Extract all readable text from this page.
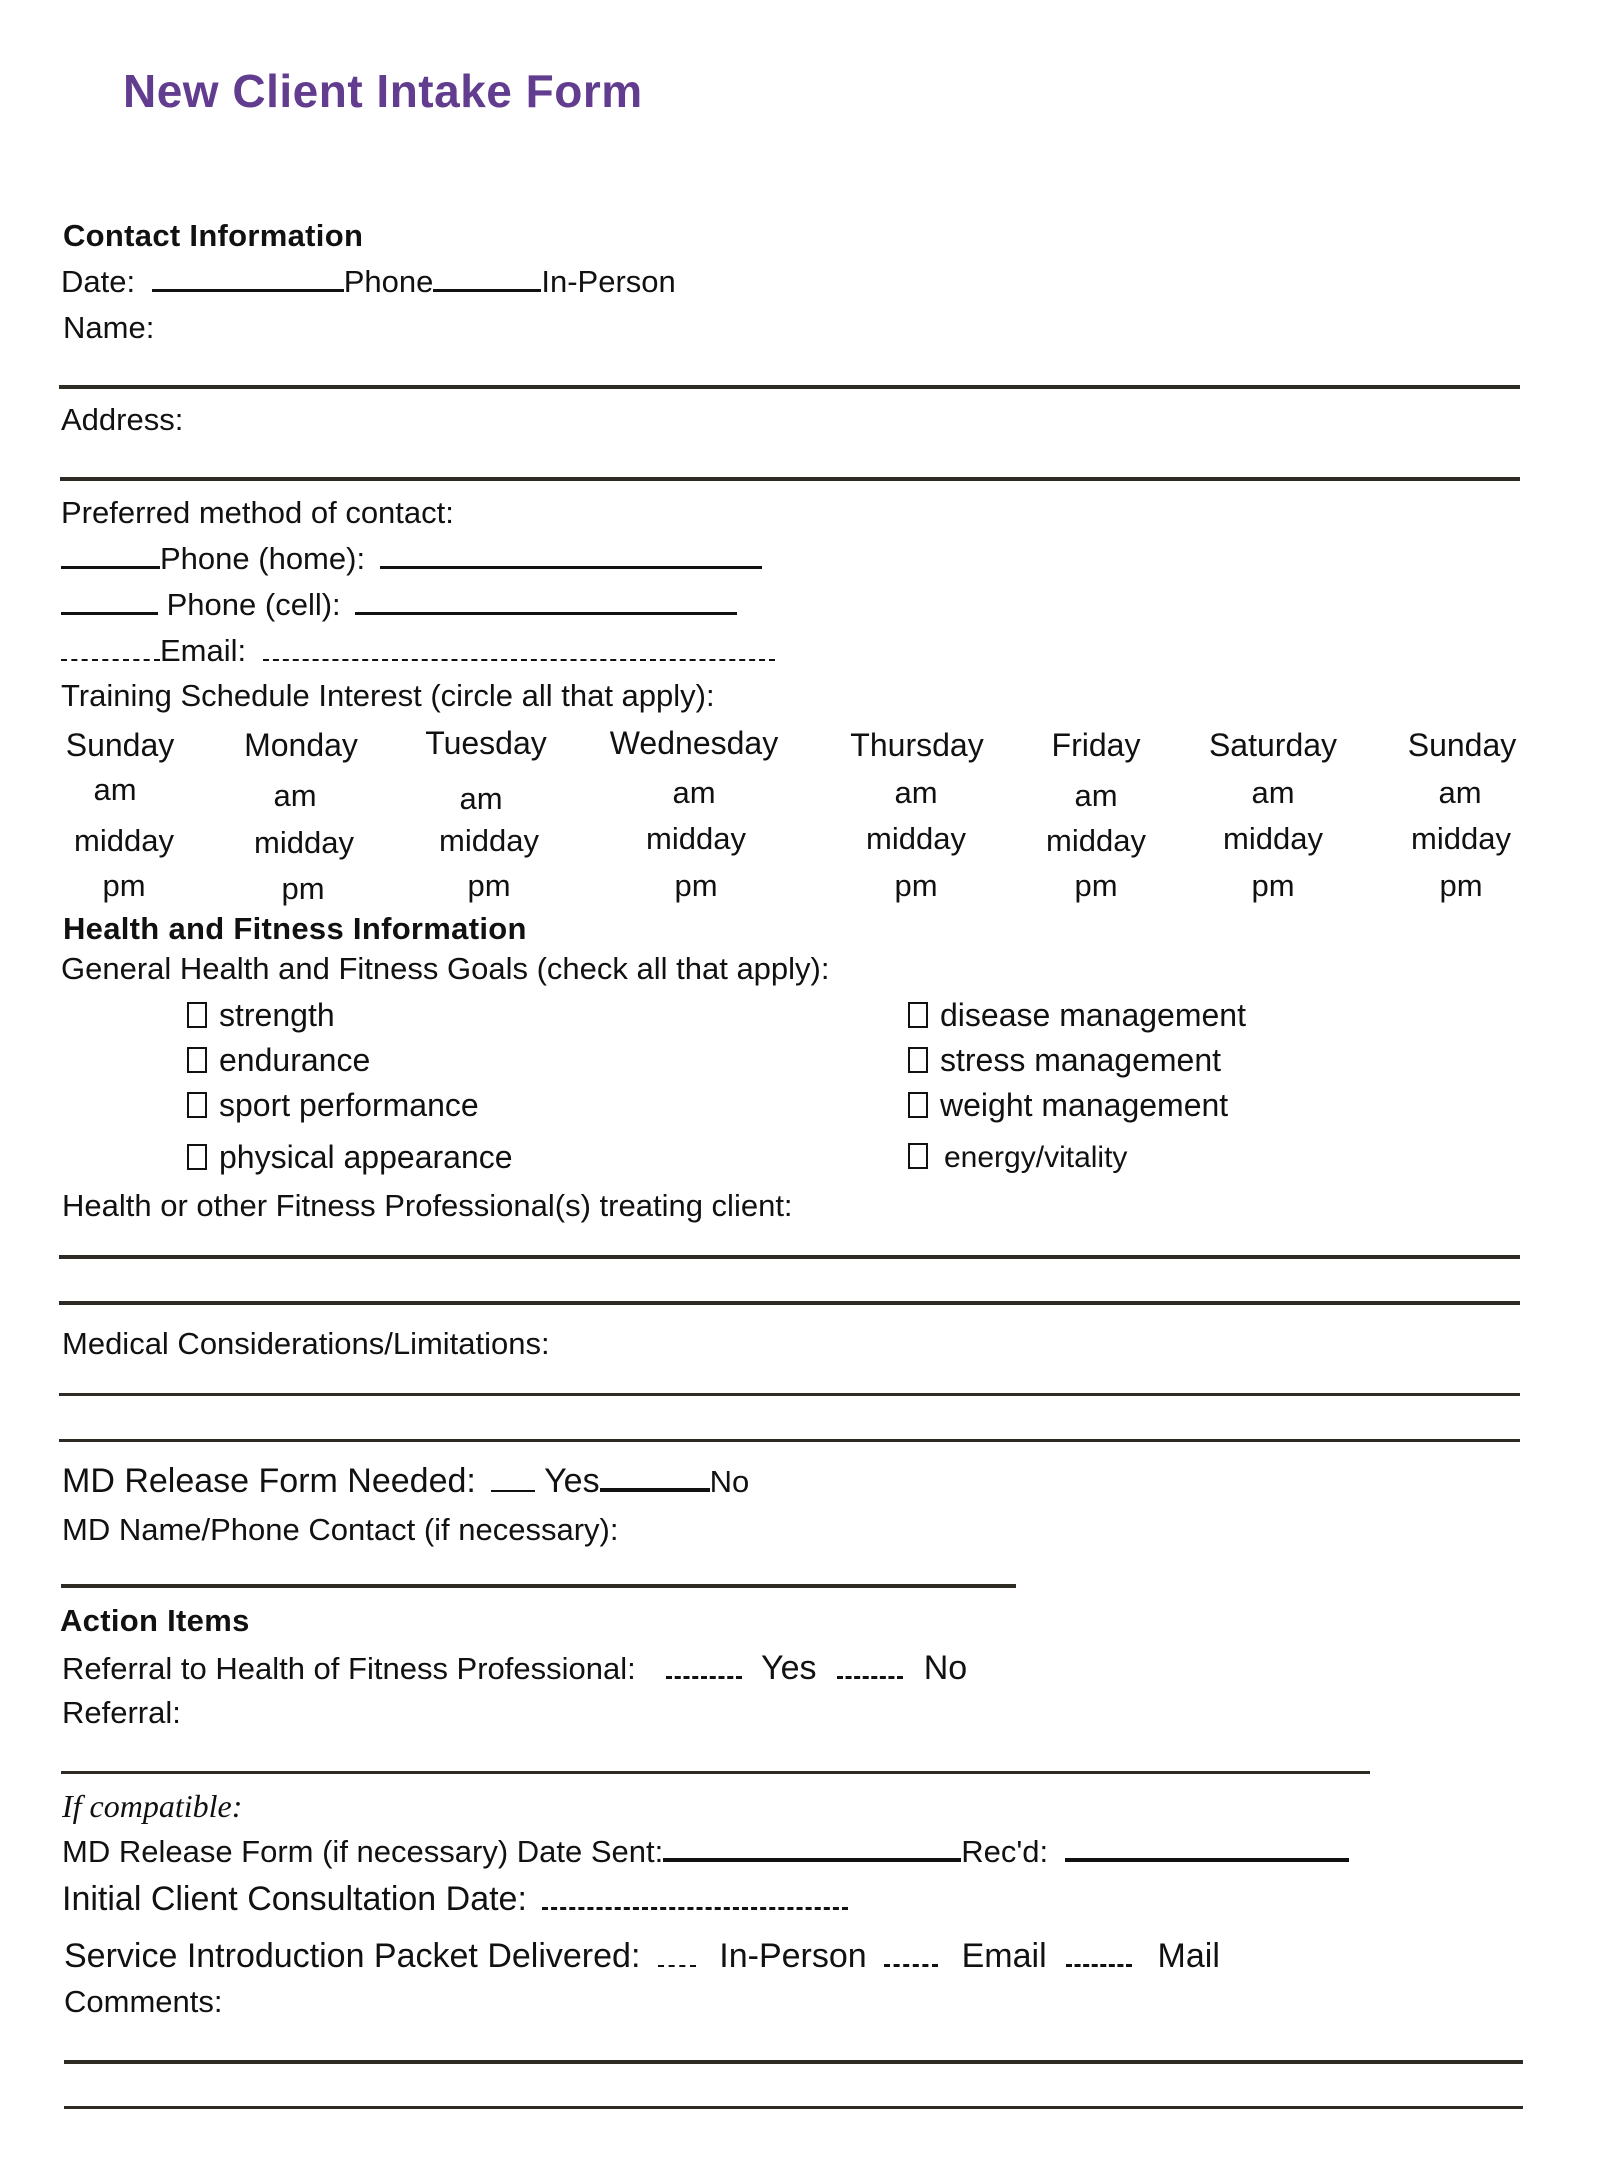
New Client Intake Form
Contact Information
Date:	Phone	In-Person
Name:
Address:
Preferred method of contact:
Phone (home):
Phone (cell):
Email:
Training Schedule Interest (circle all that apply):
Sunday	Monday	Tuesday	Wednesday	Thursday	Friday	Saturday	Sunday
am	am	am	am	am	am	am	am
midday	midday	midday	midday	midday	midday	midday	midday
pm	pm	pm	pm	pm	pm	pm	pm
Health and Fitness Information
General Health and Fitness Goals (check all that apply):
strength
endurance
sport performance
physical appearance
disease management
stress management
weight management
energy/vitality
Health or other Fitness Professional(s) treating client:
Medical Considerations/Limitations:
MD Release Form Needed: Yes	No
MD Name/Phone Contact (if necessary):
Action Items
Referral to Health of Fitness Professional:	Yes	No
Referral:
If compatible:
MD Release Form (if necessary) Date Sent:	Rec'd:
Initial Client Consultation Date:
Service Introduction Packet Delivered: In-Person	Email	Mail
Comments:
